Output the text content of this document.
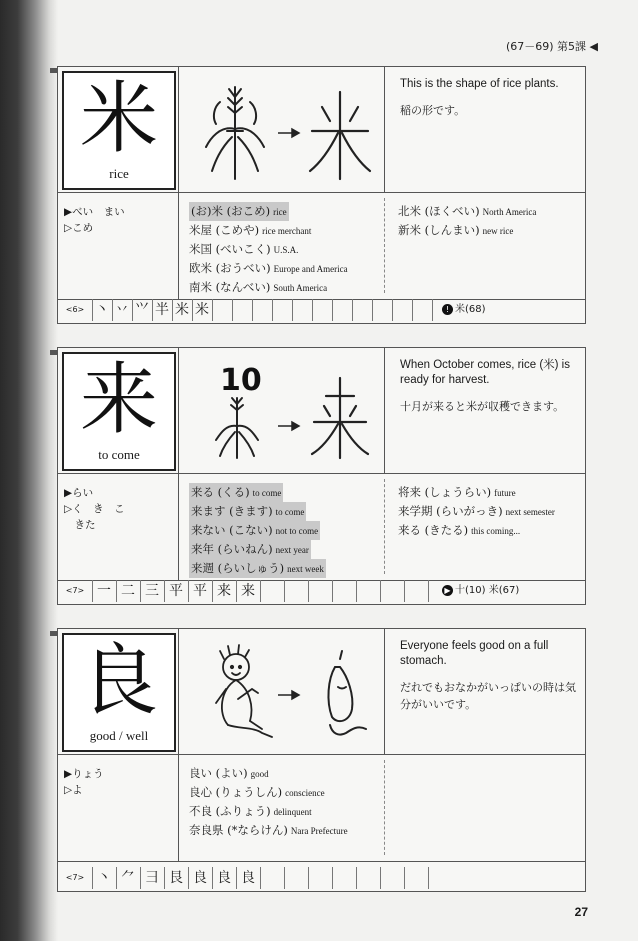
(67－69) 第5課 ◀
米
rice
This is the shape of rice plants.
稲の形です。
▶べい　まい
▷こめ
(お)米 (おこめ) rice
米屋 (こめや) rice merchant
米国 (べいこく) U.S.A.
欧米 (おうべい) Europe and America
南米 (なんべい) South America
北米 (ほくべい) North America
新米 (しんまい) new rice
<6> 丶 丷 ⺍ 半 米 米	! 米(68)
来
to come
10	When October comes, rice (米) is ready for harvest.
十月が来ると米が収穫できます。
▶らい
▷く　き　こ
　きた
来る (くる) to come
来ます (きます) to come
来ない (こない) not to come
来年 (らいねん) next year
来週 (らいしゅう) next week
将来 (しょうらい) future
来学期 (らいがっき) next semester
来る (きたる) this coming...
<7> 一 二 三 平 平 来 来	▶ 十(10) 米(67)
良
good / well
Everyone feels good on a full stomach.
だれでもおなかがいっぱいの時は気分がいいです。
▶りょう
▷よ
良い (よい) good
良心 (りょうしん) conscience
不良 (ふりょう) delinquent
奈良県 (*ならけん) Nara Prefecture
<7> 丶 ⺈ 彐 艮 良 良 良
27
